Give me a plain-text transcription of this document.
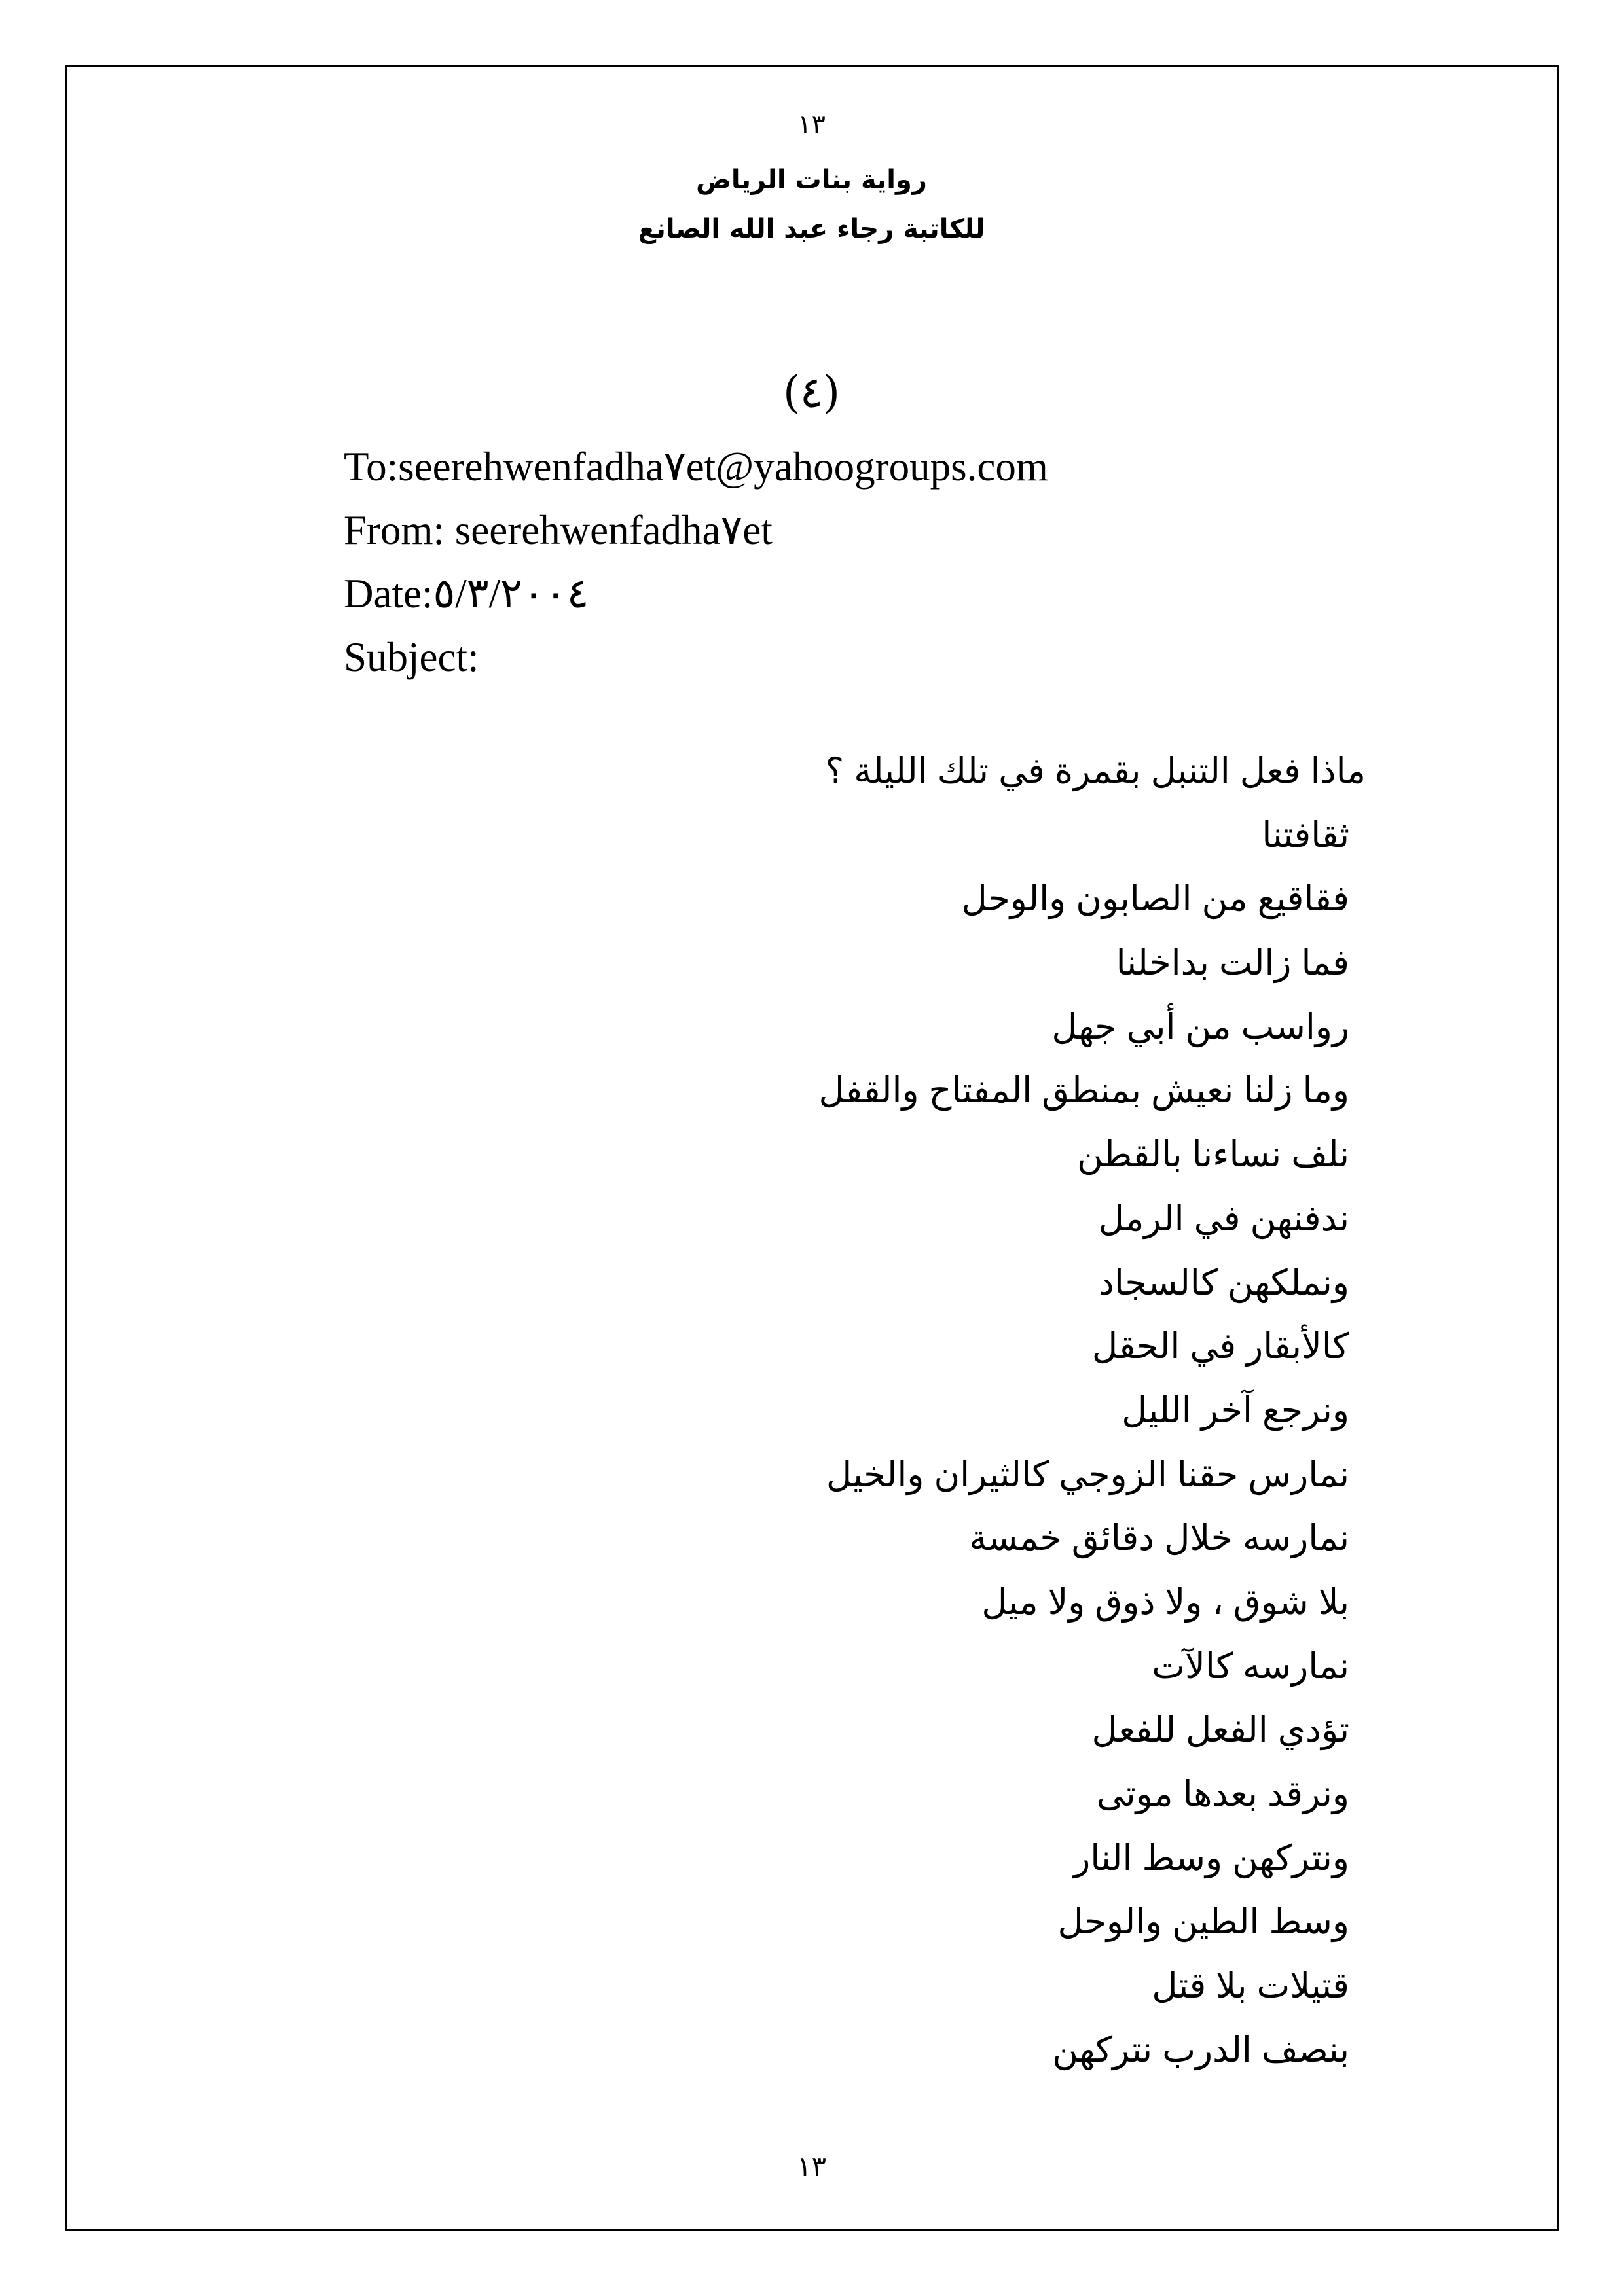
١٣
رواية بنات الرياض
للكاتبة رجاء عبد الله الصانع
(٤)
To:seerehwenfadha٧et@yahoogroups.com
From: seerehwenfadha٧et
Date:٥/٣/٢٠٠٤
Subject:
ماذا فعل التنبل بقمرة في تلك الليلة ؟
ثقافتنا
فقاقيع من الصابون والوحل
فما زالت بداخلنا
رواسب من أبي جهل
وما زلنا نعيش بمنطق المفتاح والقفل
نلف نساءنا بالقطن
ندفنهن في الرمل
ونملكهن كالسجاد
كالأبقار في الحقل
ونرجع آخر الليل
نمارس حقنا الزوجي كالثيران والخيل
نمارسه خلال دقائق خمسة
بلا شوق ، ولا ذوق ولا ميل
نمارسه كالآت
تؤدي الفعل للفعل
ونرقد بعدها موتى
ونتركهن وسط النار
وسط الطين والوحل
قتيلات بلا قتل
بنصف الدرب نتركهن
١٣
